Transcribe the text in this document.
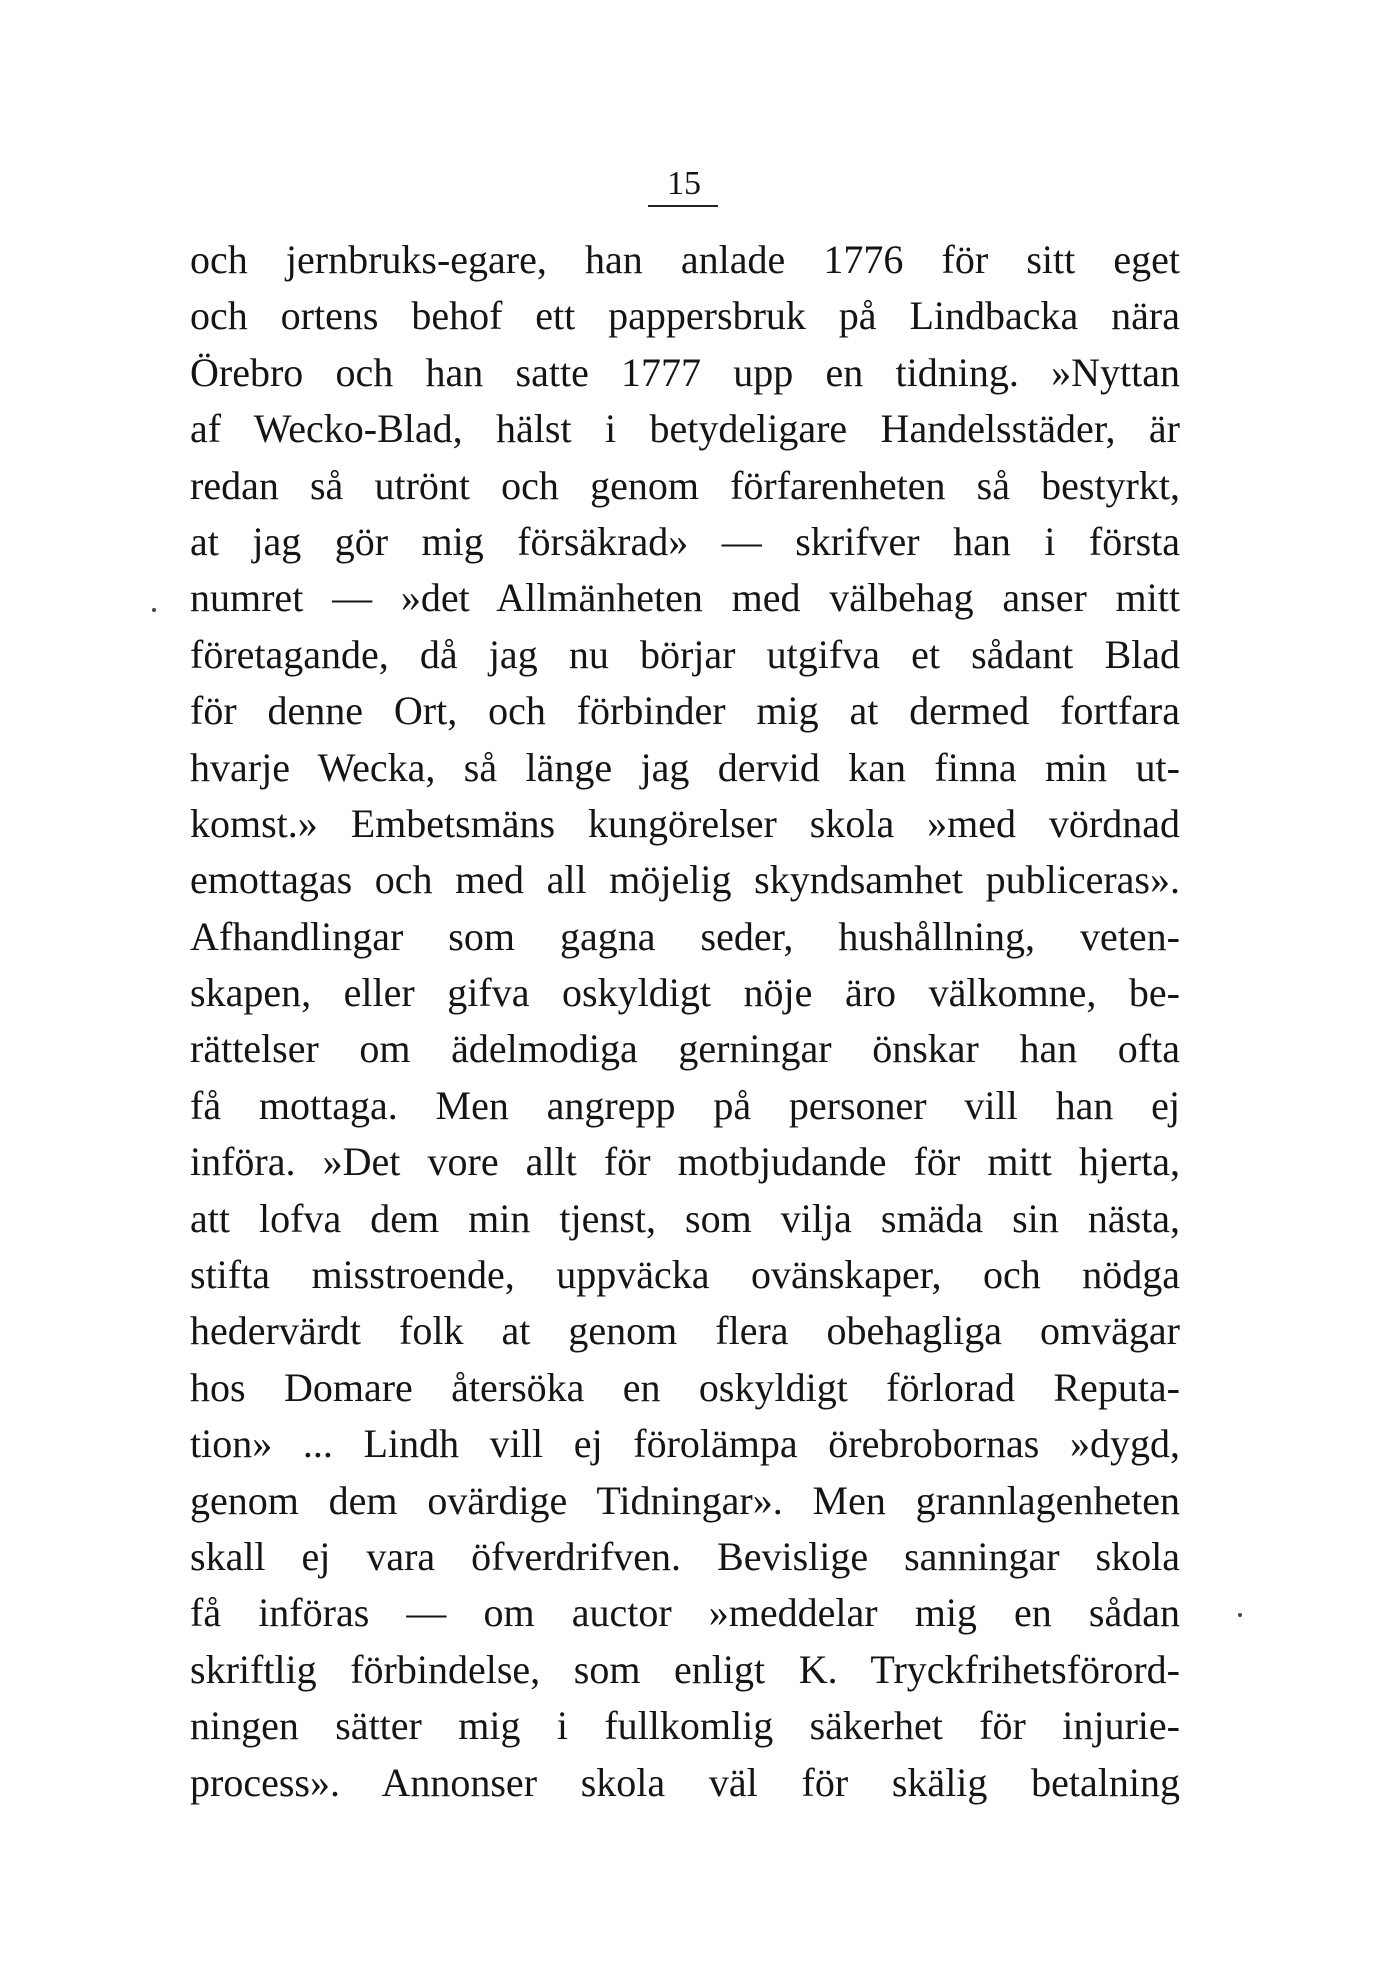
15
och jernbruks-egare, han anlade 1776 för sitt eget
och ortens behof ett pappersbruk på Lindbacka nära
Örebro och han satte 1777 upp en tidning. »Nyttan
af Wecko-Blad, hälst i betydeligare Handelsstäder, är
redan så utrönt och genom förfarenheten så bestyrkt,
at jag gör mig försäkrad» — skrifver han i första
numret — »det Allmänheten med välbehag anser mitt
företagande, då jag nu börjar utgifva et sådant Blad
för denne Ort, och förbinder mig at dermed fortfara
hvarje Wecka, så länge jag dervid kan finna min ut-
komst.» Embetsmäns kungörelser skola »med vördnad
emottagas och med all möjelig skyndsamhet publiceras».
Afhandlingar som gagna seder, hushållning, veten-
skapen, eller gifva oskyldigt nöje äro välkomne, be-
rättelser om ädelmodiga gerningar önskar han ofta
få mottaga. Men angrepp på personer vill han ej
införa. »Det vore allt för motbjudande för mitt hjerta,
att lofva dem min tjenst, som vilja smäda sin nästa,
stifta misstroende, uppväcka ovänskaper, och nödga
hedervärdt folk at genom flera obehagliga omvägar
hos Domare återsöka en oskyldigt förlorad Reputa-
tion» ... Lindh vill ej förolämpa örebrobornas »dygd,
genom dem ovärdige Tidningar». Men grannlagenheten
skall ej vara öfverdrifven. Bevislige sanningar skola
få införas — om auctor »meddelar mig en sådan
skriftlig förbindelse, som enligt K. Tryckfrihetsförord-
ningen sätter mig i fullkomlig säkerhet för injurie-
process». Annonser skola väl för skälig betalning
